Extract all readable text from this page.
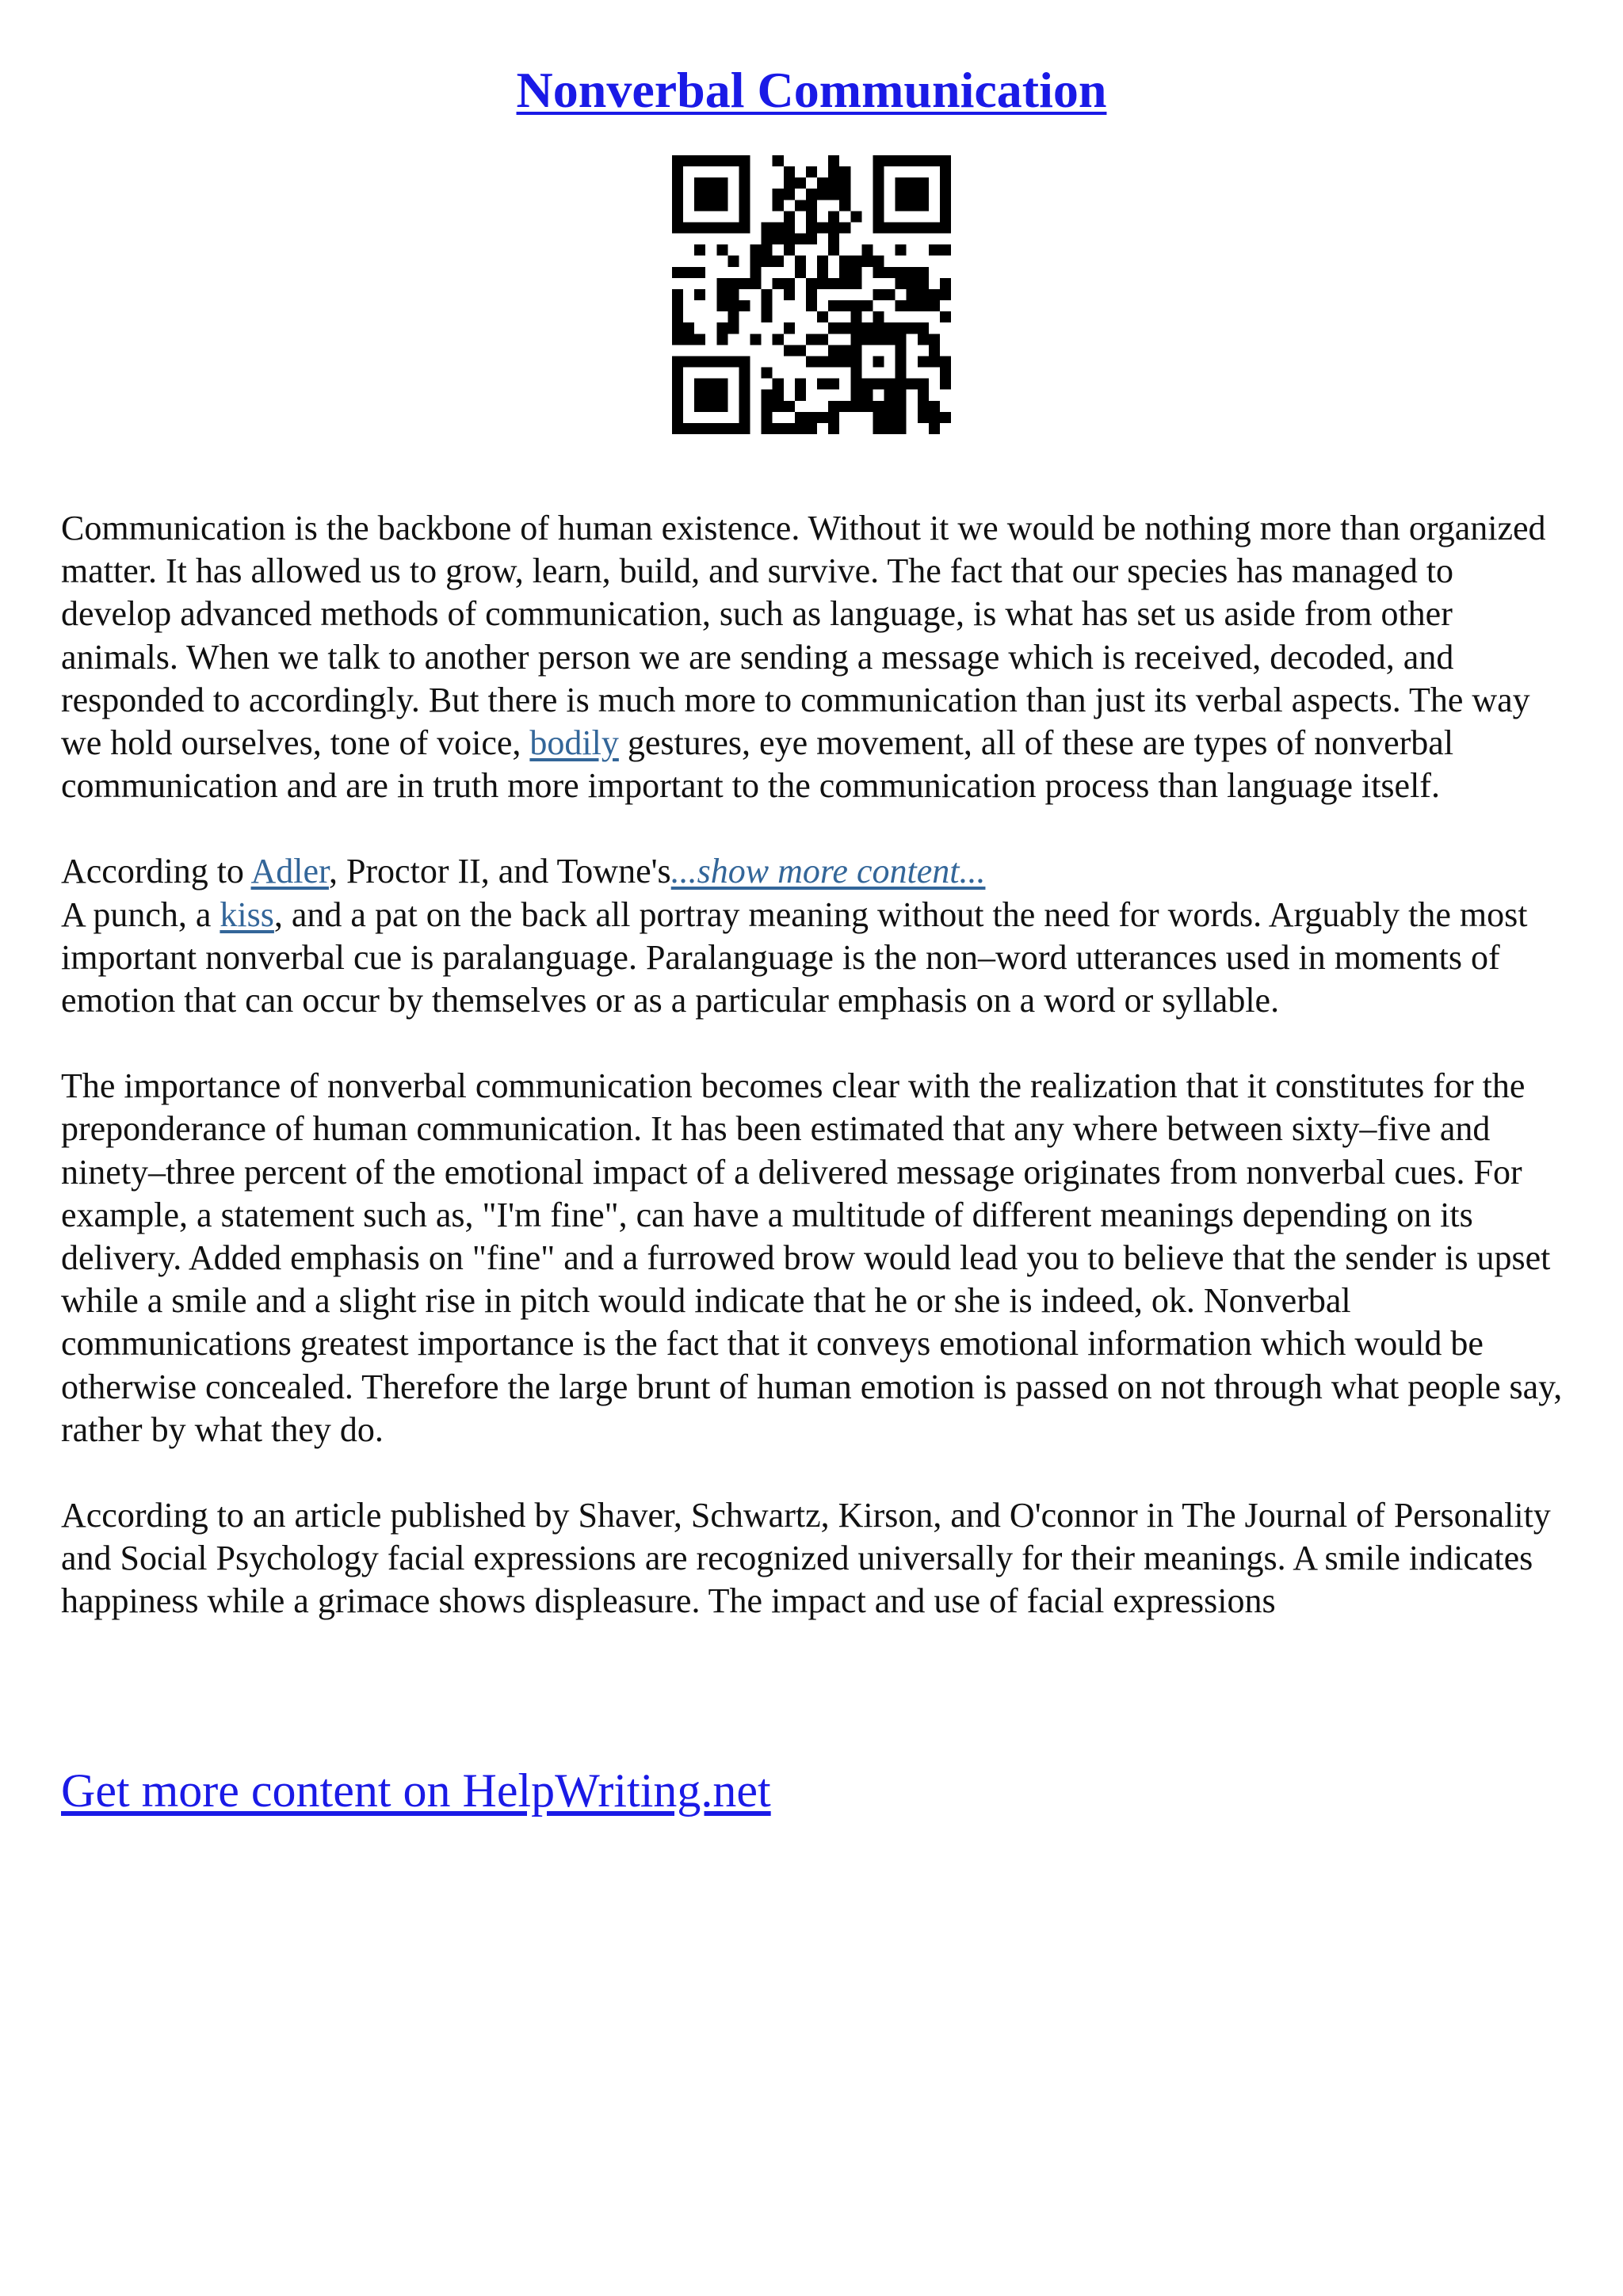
Nonverbal Communication

Communication is the backbone of human existence. Without it we would be nothing more than organized matter. It has allowed us to grow, learn, build, and survive. The fact that our species has managed to develop advanced methods of communication, such as language, is what has set us aside from other animals. When we talk to another person we are sending a message which is received, decoded, and responded to accordingly. But there is much more to communication than just its verbal aspects. The way we hold ourselves, tone of voice, bodily gestures, eye movement, all of these are types of nonverbal communication and are in truth more important to the communication process than language itself.

According to Adler, Proctor II, and Towne's...show more content...

A punch, a kiss, and a pat on the back all portray meaning without the need for words. Arguably the most important nonverbal cue is paralanguage. Paralanguage is the non–word utterances used in moments of emotion that can occur by themselves or as a particular emphasis on a word or syllable.

The importance of nonverbal communication becomes clear with the realization that it constitutes for the preponderance of human communication. It has been estimated that any where between sixty–five and ninety–three percent of the emotional impact of a delivered message originates from nonverbal cues. For example, a statement such as, "I'm fine", can have a multitude of different meanings depending on its delivery. Added emphasis on "fine" and a furrowed brow would lead you to believe that the sender is upset while a smile and a slight rise in pitch would indicate that he or she is indeed, ok. Nonverbal communications greatest importance is the fact that it conveys emotional information which would be otherwise concealed. Therefore the large brunt of human emotion is passed on not through what people say, rather by what they do.

According to an article published by Shaver, Schwartz, Kirson, and O'connor in The Journal of Personality and Social Psychology facial expressions are recognized universally for their meanings. A smile indicates happiness while a grimace shows displeasure. The impact and use of facial expressions

Get more content on HelpWriting.net
